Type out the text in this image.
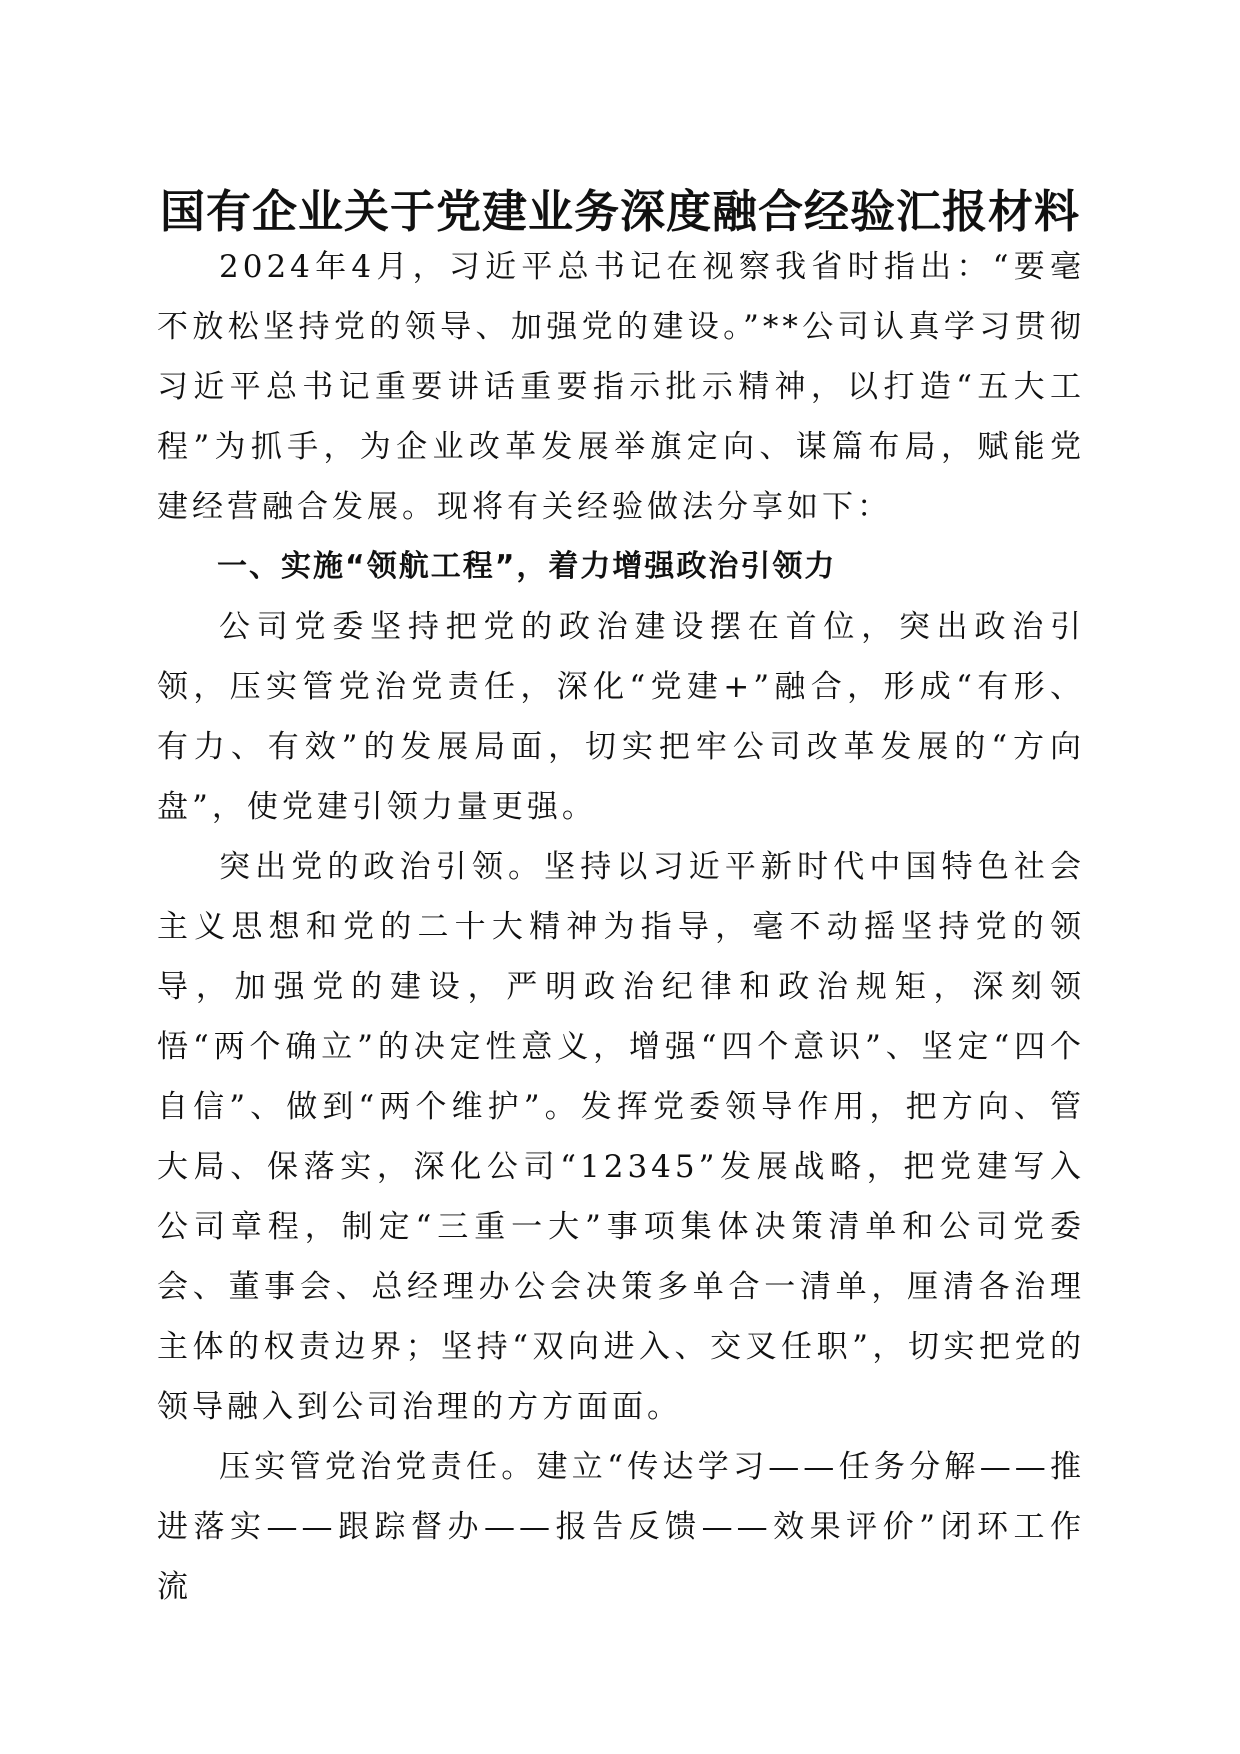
国有企业关于党建业务深度融合经验汇报材料

2024年4月，习近平总书记在视察我省时指出：“要毫不放松坚持党的领导、加强党的建设。”**公司认真学习贯彻习近平总书记重要讲话重要指示批示精神，以打造“五大工程”为抓手，为企业改革发展举旗定向、谋篇布局，赋能党建经营融合发展。现将有关经验做法分享如下：

一、实施“领航工程”，着力增强政治引领力

公司党委坚持把党的政治建设摆在首位，突出政治引领，压实管党治党责任，深化“党建+”融合，形成“有形、有力、有效”的发展局面，切实把牢公司改革发展的“方向盘”，使党建引领力量更强。

突出党的政治引领。坚持以习近平新时代中国特色社会主义思想和党的二十大精神为指导，毫不动摇坚持党的领导，加强党的建设，严明政治纪律和政治规矩，深刻领悟“两个确立”的决定性意义，增强“四个意识”、坚定“四个自信”、做到“两个维护”。发挥党委领导作用，把方向、管大局、保落实，深化公司“12345”发展战略，把党建写入公司章程，制定“三重一大”事项集体决策清单和公司党委会、董事会、总经理办公会决策多单合一清单，厘清各治理主体的权责边界；坚持“双向进入、交叉任职”，切实把党的领导融入到公司治理的方方面面。

压实管党治党责任。建立“传达学习——任务分解——推进落实——跟踪督办——报告反馈——效果评价”闭环工作流
